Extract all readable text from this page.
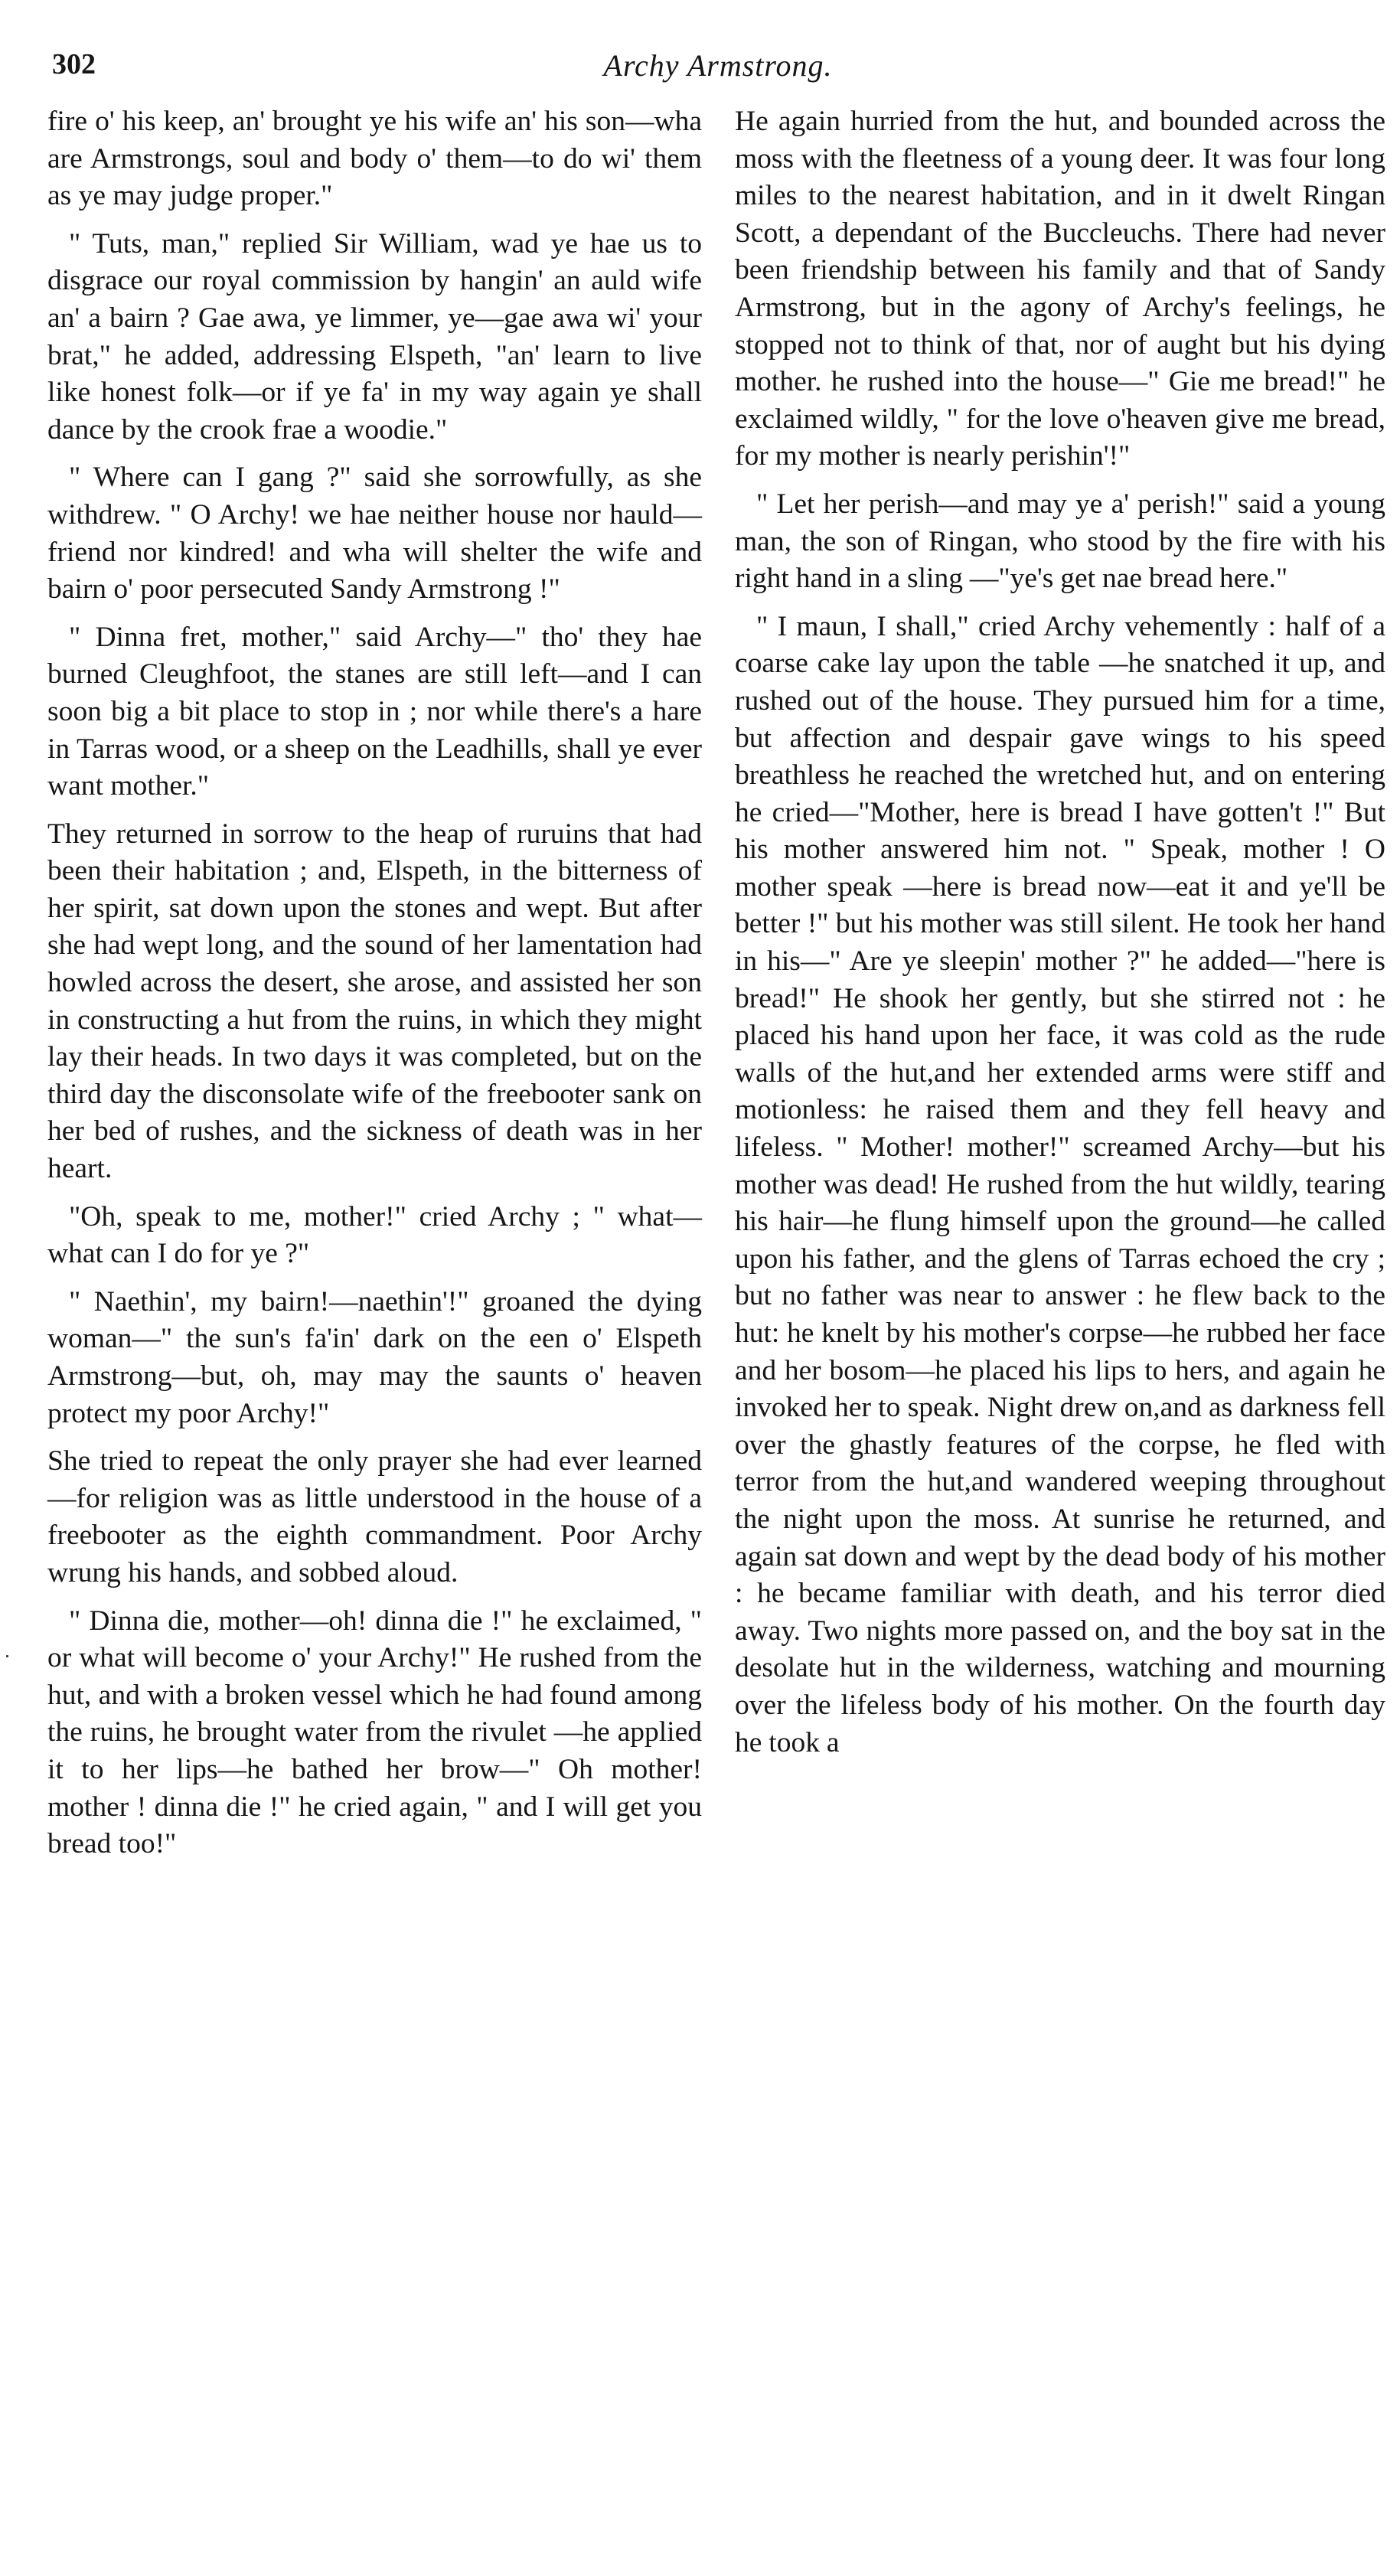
302	Archy Armstrong.

fire o' his keep, an' brought ye his wife an' his son—wha are Armstrongs, soul and body o' them—to do wi' them as ye may judge proper."

" Tuts, man," replied Sir William, wad ye hae us to disgrace our royal commission by hangin' an auld wife an' a bairn ? Gae awa, ye limmer, ye—gae awa wi' your brat," he added, addressing Elspeth, "an' learn to live like honest folk—or if ye fa' in my way again ye shall dance by the crook frae a woodie."

" Where can I gang ?" said she sorrowfully, as she withdrew. " O Archy! we hae neither house nor hauld—friend nor kindred! and wha will shelter the wife and bairn o' poor persecuted Sandy Armstrong !"

" Dinna fret, mother," said Archy—" tho' they hae burned Cleughfoot, the stanes are still left—and I can soon big a bit place to stop in ; nor while there's a hare in Tarras wood, or a sheep on the Leadhills, shall ye ever want mother."

They returned in sorrow to the heap of ruruins that had been their habitation ; and, Elspeth, in the bitterness of her spirit, sat down upon the stones and wept. But after she had wept long, and the sound of her lamentation had howled across the desert, she arose, and assisted her son in constructing a hut from the ruins, in which they might lay their heads. In two days it was completed, but on the third day the disconsolate wife of the freebooter sank on her bed of rushes, and the sickness of death was in her heart.

"Oh, speak to me, mother!" cried Archy ; " what—what can I do for ye ?"

" Naethin', my bairn!—naethin'!" groaned the dying woman—" the sun's fa'in' dark on the een o' Elspeth Armstrong—but, oh, may may the saunts o' heaven protect my poor Archy!"

She tried to repeat the only prayer she had ever learned—for religion was as little understood in the house of a freebooter as the eighth commandment. Poor Archy wrung his hands, and sobbed aloud.

" Dinna die, mother—oh! dinna die !" he exclaimed, " or what will become o' your Archy!" He rushed from the hut, and with a broken vessel which he had found among the ruins, he brought water from the rivulet —he applied it to her lips—he bathed her brow—" Oh mother! mother ! dinna die !" he cried again, " and I will get you bread too!"

He again hurried from the hut, and bounded across the moss with the fleetness of a young deer. It was four long miles to the nearest habitation, and in it dwelt Ringan Scott, a dependant of the Buccleuchs. There had never been friendship between his family and that of Sandy Armstrong, but in the agony of Archy's feelings, he stopped not to think of that, nor of aught but his dying mother. he rushed into the house—" Gie me bread!" he exclaimed wildly, " for the love o'heaven give me bread, for my mother is nearly perishin'!"

" Let her perish—and may ye a' perish!" said a young man, the son of Ringan, who stood by the fire with his right hand in a sling —"ye's get nae bread here."

" I maun, I shall," cried Archy vehemently : half of a coarse cake lay upon the table —he snatched it up, and rushed out of the house. They pursued him for a time, but affection and despair gave wings to his speed breathless he reached the wretched hut, and on entering he cried—"Mother, here is bread I have gotten't !" But his mother answered him not. " Speak, mother ! O mother speak —here is bread now—eat it and ye'll be better !" but his mother was still silent. He took her hand in his—" Are ye sleepin' mother ?" he added—"here is bread!" He shook her gently, but she stirred not : he placed his hand upon her face, it was cold as the rude walls of the hut,and her extended arms were stiff and motionless: he raised them and they fell heavy and lifeless. " Mother! mother!" screamed Archy—but his mother was dead! He rushed from the hut wildly, tearing his hair—he flung himself upon the ground—he called upon his father, and the glens of Tarras echoed the cry ; but no father was near to answer : he flew back to the hut: he knelt by his mother's corpse—he rubbed her face and her bosom—he placed his lips to hers, and again he invoked her to speak. Night drew on,and as darkness fell over the ghastly features of the corpse, he fled with terror from the hut,and wandered weeping throughout the night upon the moss. At sunrise he returned, and again sat down and wept by the dead body of his mother : he became familiar with death, and his terror died away. Two nights more passed on, and the boy sat in the desolate hut in the wilderness, watching and mourning over the lifeless body of his mother. On the fourth day he took a
